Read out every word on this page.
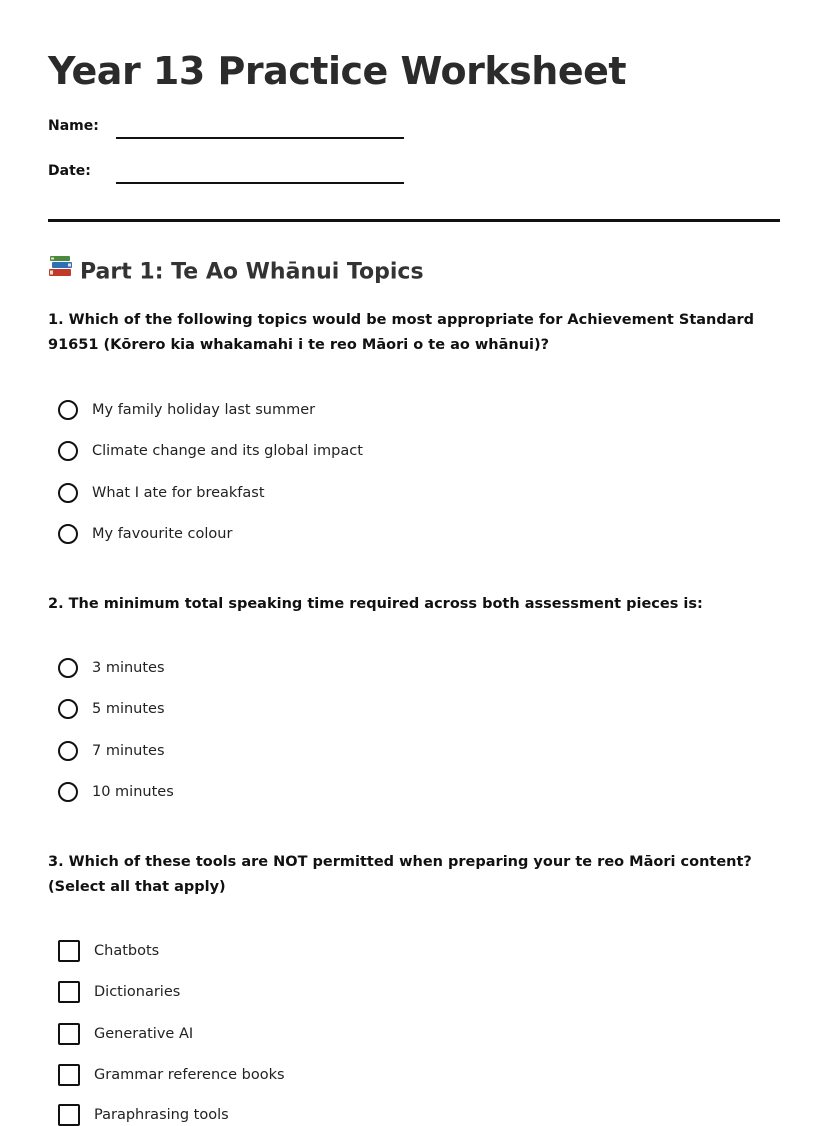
Year 13 Practice Worksheet
Name:
Date:
Part 1: Te Ao Whānui Topics
1. Which of the following topics would be most appropriate for Achievement Standard 91651 (Kōrero kia whakamahi i te reo Māori o te ao whānui)?
My family holiday last summer
Climate change and its global impact
What I ate for breakfast
My favourite colour
2. The minimum total speaking time required across both assessment pieces is:
3 minutes
5 minutes
7 minutes
10 minutes
3. Which of these tools are NOT permitted when preparing your te reo Māori content? (Select all that apply)
Chatbots
Dictionaries
Generative AI
Grammar reference books
Paraphrasing tools
